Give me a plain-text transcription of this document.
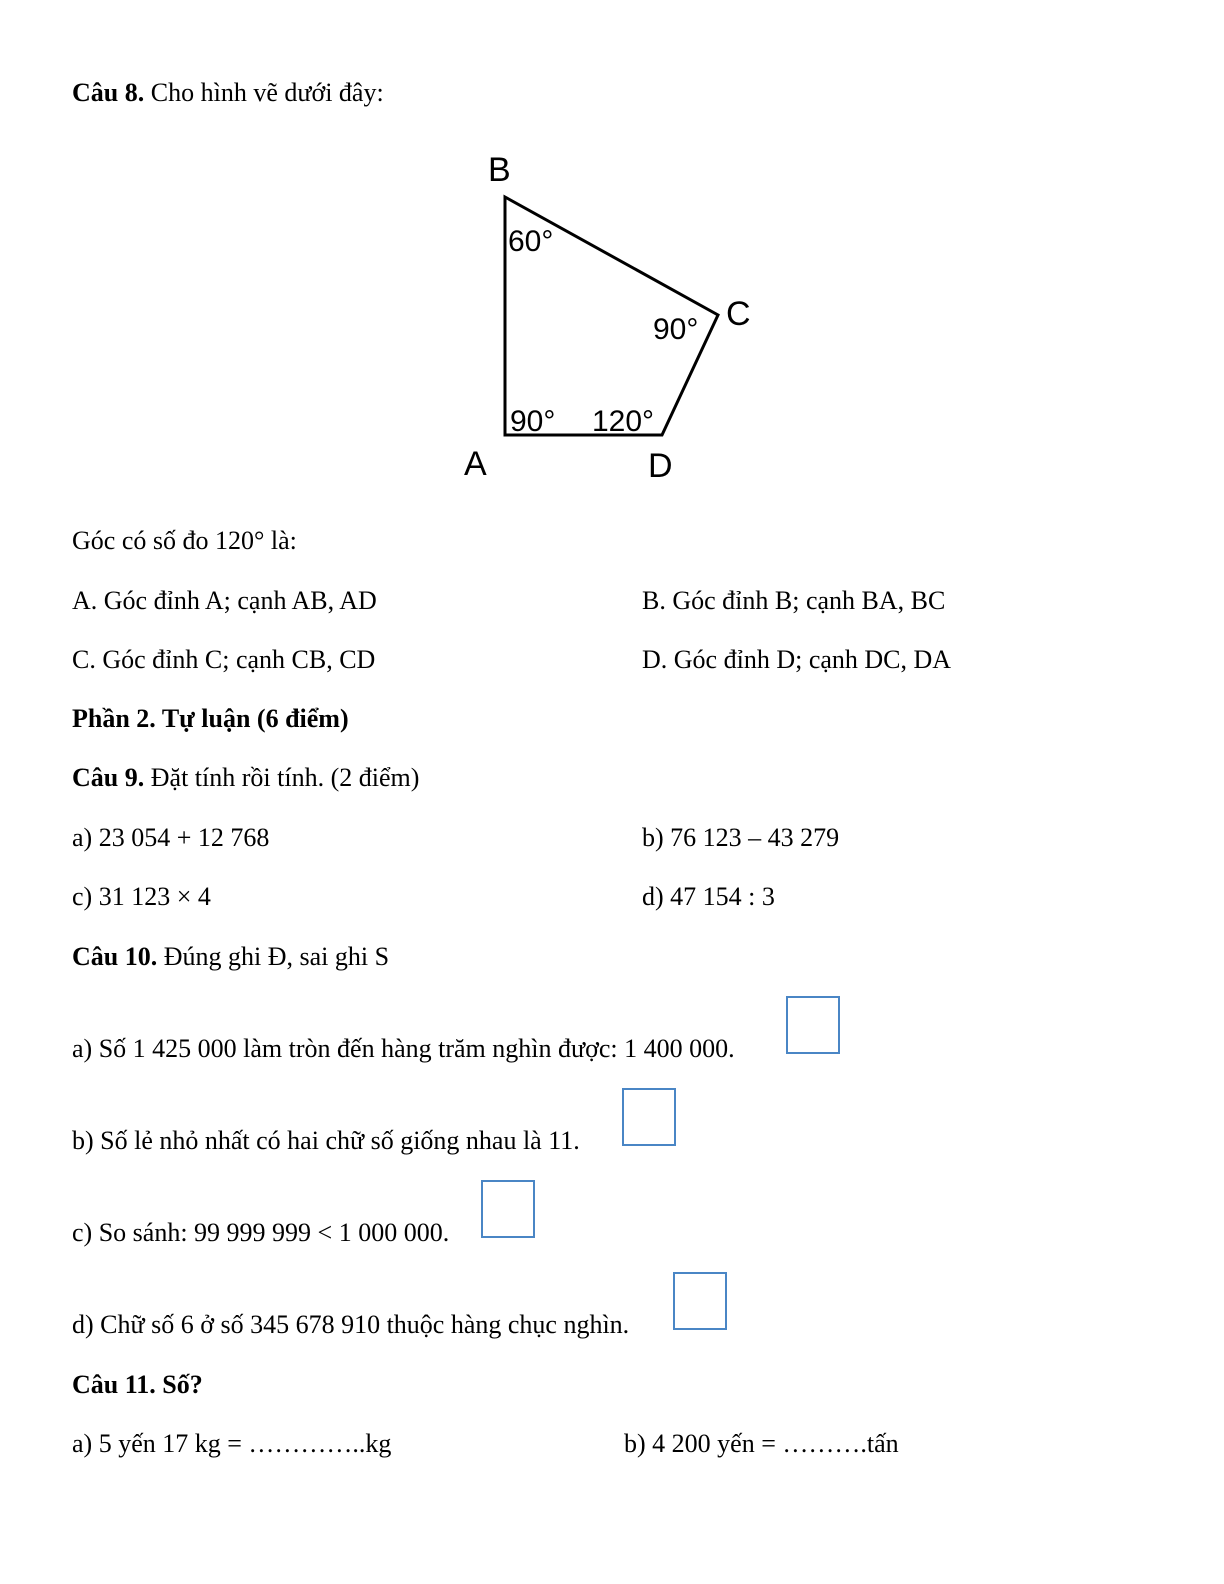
Câu 8. Cho hình vẽ dưới đây:
B
C
A	D
60°
90°
90° 120°
Góc có số đo 120° là:
A. Góc đỉnh A; cạnh AB, AD	B. Góc đỉnh B; cạnh BA, BC
C. Góc đỉnh C; cạnh CB, CD	D. Góc đỉnh D; cạnh DC, DA
Phần 2. Tự luận (6 điểm)
Câu 9. Đặt tính rồi tính. (2 điểm)
a) 23 054 + 12 768	b) 76 123 – 43 279
c) 31 123 × 4	d) 47 154 : 3
Câu 10. Đúng ghi Đ, sai ghi S
a) Số 1 425 000 làm tròn đến hàng trăm nghìn được: 1 400 000.
b) Số lẻ nhỏ nhất có hai chữ số giống nhau là 11.
c) So sánh: 99 999 999 < 1 000 000.
d) Chữ số 6 ở số 345 678 910 thuộc hàng chục nghìn.
Câu 11. Số?
a) 5 yến 17 kg = …………..kg	b) 4 200 yến = ……….tấn
